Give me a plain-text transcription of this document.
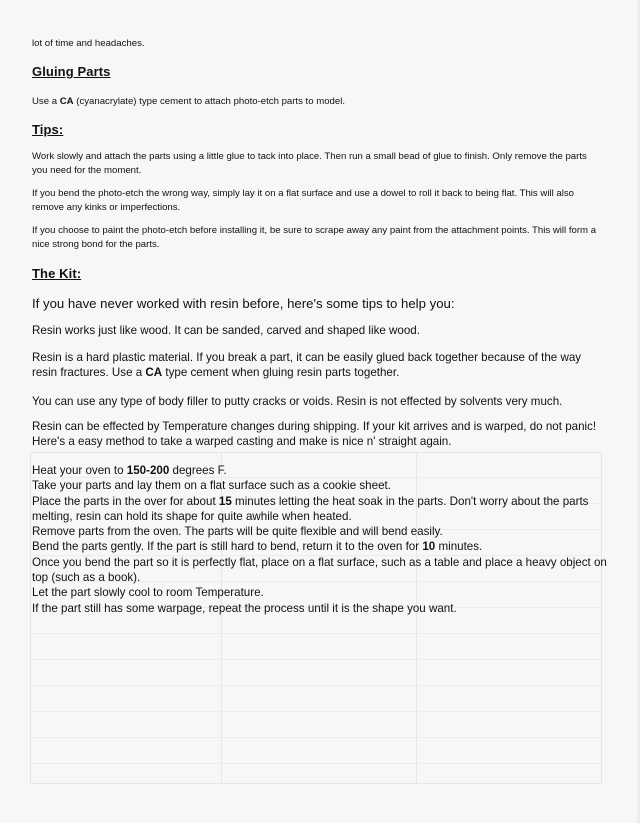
lot of time and headaches.

Gluing Parts

Use a CA (cyanacrylate) type cement to attach photo-etch parts to model.

Tips:

Work slowly and attach the parts using a little glue to tack into place. Then run a small bead of glue to finish. Only remove the parts you need for the moment.

If you bend the photo-etch the wrong way, simply lay it on a flat surface and use a dowel to roll it back to being flat. This will also remove any kinks or imperfections.

If you choose to paint the photo-etch before installing it, be sure to scrape away any paint from the attachment points. This will form a nice strong bond for the parts.

The Kit:

If you have never worked with resin before, here's some tips to help you:

Resin works just like wood. It can be sanded, carved and shaped like wood.

Resin is a hard plastic material. If you break a part, it can be easily glued back together because of the way resin fractures. Use a CA type cement when gluing resin parts together.

You can use any type of body filler to putty cracks or voids. Resin is not effected by solvents very much.

Resin can be effected by Temperature changes during shipping. If your kit arrives and is warped, do not panic! Here's a easy method to take a warped casting and make is nice n' straight again.

Heat your oven to 150-200 degrees F.

Take your parts and lay them on a flat surface such as a cookie sheet.

Place the parts in the over for about 15 minutes letting the heat soak in the parts. Don't worry about the parts melting, resin can hold its shape for quite awhile when heated.

Remove parts from the oven. The parts will be quite flexible and will bend easily.

Bend the parts gently. If the part is still hard to bend, return it to the oven for 10 minutes.

Once you bend the part so it is perfectly flat, place on a flat surface, such as a table and place a heavy object on top (such as a book).

Let the part slowly cool to room Temperature.

If the part still has some warpage, repeat the process until it is the shape you want.
